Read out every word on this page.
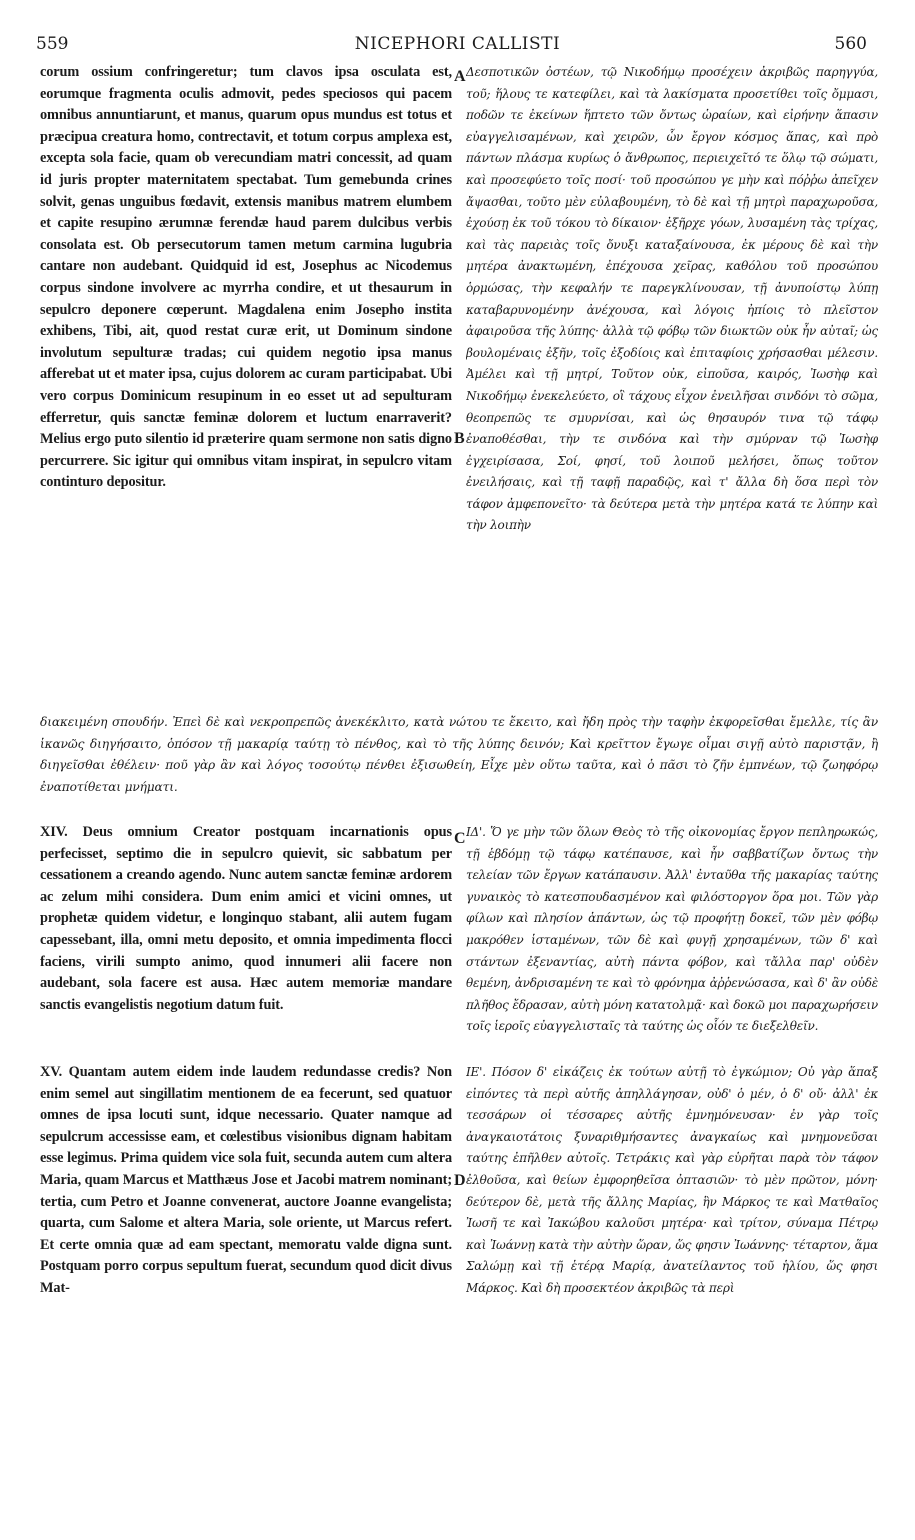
559	NICEPHORI CALLISTI	560
corum ossium confringeretur; tum clavos ipsa osculata est, eorumque fragmenta oculis admovit, pedes speciosos qui pacem omnibus annuntiarunt, et manus, quarum opus mundus est totus et præcipua creatura homo, contrectavit, et totum corpus amplexa est, excepta sola facie, quam ob verecundiam matri concessit, ad quam id juris propter maternitatem spectabat. Tum gemebunda crines solvit, genas unguibus fœdavit, extensis manibus matrem elumbem et capite resupino ærumnæ ferendæ haud parem dulcibus verbis consolata est. Ob persecutorum tamen metum carmina lugubria cantare non audebant. Quidquid id est, Josephus ac Nicodemus corpus sindone involvere ac myrrha condire, et ut thesaurum in sepulcro deponere cœperunt. Magdalena enim Josepho instita exhibens, Tibi, ait, quod restat curæ erit, ut Dominum sindone involutum sepulturæ tradas; cui quidem negotio ipsa manus afferebat ut et mater ipsa, cujus dolorem ac curam participabat. Ubi vero corpus Dominicum resupinum in eo esset ut ad sepulturam efferretur, quis sanctæ feminæ dolorem et luctum enarraverit? Melius ergo puto silentio id præterire quam sermone non satis digno percurrere. Sic igitur qui omnibus vitam inspirat, in sepulcro vitam continturo depositur.
Δεσποτικῶν ὀστέων, τῷ Νικοδήμῳ προσέχειν ἀκριβῶς παρηγγύα, τοῦ; ἥλους τε κατεφίλει, καὶ τὰ λακίσματα προσετίθει τοῖς ὄμμασι, ποδῶν τε ἐκείνων ἥπτετο τῶν ὄντως ὡραίων, καὶ εἰρήνην ἅπασιν εὐαγγελισαμένων, καὶ χειρῶν, ὧν ἔργον κόσμος ἅπας, καὶ πρὸ πάντων πλάσμα κυρίως ὁ ἄνθρωπος, περιειχεῖτό τε ὅλῳ τῷ σώματι, καὶ προσεφύετο τοῖς ποσί· τοῦ προσώπου γε μὴν καὶ πόῤῥω ἀπεῖχεν ἄψασθαι, τοῦτο μὲν εὐλαβουμένη, τὸ δὲ καὶ τῇ μητρὶ παραχωροῦσα, ἐχούσῃ ἐκ τοῦ τόκου τὸ δίκαιον· ἐξῆρχε γόων, λυσαμένη τὰς τρίχας, καὶ τὰς παρειὰς τοῖς ὄνυξι καταξαίνουσα, ἐκ μέρους δὲ καὶ τὴν μητέρα ἀνακτωμένη, ἐπέχουσα χεῖρας, καθόλου τοῦ προσώπου ὁρμώσας, τὴν κεφαλήν τε παρεγκλίνουσαν, τῇ ἀνυποίστῳ λύπῃ καταβαρυνομένην ἀνέχουσα, καὶ λόγοις ἠπίοις τὸ πλεῖστον ἀφαιροῦσα τῆς λύπης· ἀλλὰ τῷ φόβῳ τῶν διωκτῶν οὐκ ἦν αὐταῖ; ὡς βουλομέναις ἐξῆν, τοῖς ἐξοδίοις καὶ ἐπιταφίοις χρήσασθαι μέλεσιν. Ἀμέλει καὶ τῇ μητρί, Τοῦτον οὐκ, εἰποῦσα, καιρός, Ἰωσὴφ καὶ Νικοδήμῳ ἐνεκελεύετο, οἳ τάχους εἶχον ἐνειλῆσαι σινδόνι τὸ σῶμα, θεοπρεπῶς τε σμυρνίσαι, καὶ ὡς θησαυρόν τινα τῷ τάφῳ ἐναποθέσθαι, τὴν τε σινδόνα καὶ τὴν σμύρναν τῷ Ἰωσὴφ ἐγχειρίσασα, Σοί, φησί, τοῦ λοιποῦ μελήσει, ὅπως τοῦτον ἐνειλήσαις, καὶ τῇ ταφῇ παραδῷς, καὶ τ' ἄλλα δὴ ὅσα περὶ τὸν τάφον ἀμφεπονεῖτο· τὰ δεύτερα μετὰ τὴν μητέρα κατά τε λύπην καὶ τὴν λοιπὴν
διακειμένη σπουδήν. Ἐπεὶ δὲ καὶ νεκροπρεπῶς ἀνεκέκλιτο, κατὰ νώτου τε ἔκειτο, καὶ ἤδη πρὸς τὴν ταφὴν ἐκφορεῖσθαι ἔμελλε, τίς ἂν ἱκανῶς διηγήσαιτο, ὁπόσον τῇ μακαρίᾳ ταύτῃ τὸ πένθος, καὶ τὸ τῆς λύπης δεινόν; Καὶ κρεῖττον ἔγωγε οἶμαι σιγῇ αὐτὸ παριστᾷν, ἢ διηγεῖσθαι ἐθέλειν· ποῦ γὰρ ἂν καὶ λόγος τοσούτῳ πένθει ἐξισωθείη, Εἶχε μὲν οὕτω ταῦτα, καὶ ὁ πᾶσι τὸ ζῆν ἐμπνέων, τῷ ζωηφόρῳ ἐναποτίθεται μνήματι.
XIV. Deus omnium Creator postquam incarnationis opus perfecisset, septimo die in sepulcro quievit, sic sabbatum per cessationem a creando agendo. Nunc autem sanctæ feminæ ardorem ac zelum mihi considera. Dum enim amici et vicini omnes, ut prophetæ quidem videtur, e longinquo stabant, alii autem fugam capessebant, illa, omni metu deposito, et omnia impedimenta flocci faciens, virili sumpto animo, quod innumeri alii facere non audebant, sola facere est ausa. Hæc autem memoriæ mandare sanctis evangelistis negotium datum fuit.
ΙΔ'. Ὅ γε μὴν τῶν ὅλων Θεὸς τὸ τῆς οἰκονομίας ἔργον πεπληρωκώς, τῇ ἑβδόμῃ τῷ τάφῳ κατέπαυσε, καὶ ἦν σαββατίζων ὄντως τὴν τελείαν τῶν ἔργων κατάπαυσιν. Ἀλλ' ἐνταῦθα τῆς μακαρίας ταύτης γυναικὸς τὸ κατεσπουδασμένον καὶ φιλόστοργον ὅρα μοι. Τῶν γὰρ φίλων καὶ πλησίον ἁπάντων, ὡς τῷ προφήτῃ δοκεῖ, τῶν μὲν φόβῳ μακρόθεν ἱσταμένων, τῶν δὲ καὶ φυγῇ χρησαμένων, τῶν δ' καὶ στάντων ἐξεναντίας, αὐτὴ πάντα φόβον, καὶ τἄλλα παρ' οὐδὲν θεμένη, ἀνδρισαμένη τε καὶ τὸ φρόνημα ἀῤῥενώσασα, καὶ δ' ἂν οὐδὲ πλῆθος ἔδρασαν, αὐτὴ μόνη κατατολμᾷ· καὶ δοκῶ μοι παραχωρήσειν τοῖς ἱεροῖς εὐαγγελισταῖς τὰ ταύτης ὡς οἷόν τε διεξελθεῖν.
XV. Quantam autem eidem inde laudem redundasse credis? Non enim semel aut singillatim mentionem de ea fecerunt, sed quatuor omnes de ipsa locuti sunt, idque necessario. Quater namque ad sepulcrum accessisse eam, et cœlestibus visionibus dignam habitam esse legimus. Prima quidem vice sola fuit, secunda autem cum altera Maria, quam Marcus et Matthæus Jose et Jacobi matrem nominant; tertia, cum Petro et Joanne convenerat, auctore Joanne evangelista; quarta, cum Salome et altera Maria, sole oriente, ut Marcus refert. Et certe omnia quæ ad eam spectant, memoratu valde digna sunt. Postquam porro corpus sepultum fuerat, secundum quod dicit divus Mat-
ΙΕ'. Πόσον δ' εἰκάζεις ἐκ τούτων αὐτῇ τὸ ἐγκώμιον; Οὐ γὰρ ἅπαξ εἰπόντες τὰ περὶ αὐτῆς ἀπηλλάγησαν, οὐδ' ὁ μέν, ὁ δ' οὔ· ἀλλ' ἐκ τεσσάρων οἱ τέσσαρες αὐτῆς ἐμνημόνευσαν· ἐν γὰρ τοῖς ἀναγκαιοτάτοις ξυναριθμήσαντες ἀναγκαίως καὶ μνημονεῦσαι ταύτης ἐπῆλθεν αὐτοῖς. Τετράκις καὶ γὰρ εὑρῆται παρὰ τὸν τάφον ἐλθοῦσα, καὶ θείων ἐμφορηθεῖσα ὀπτασιῶν· τὸ μὲν πρῶτον, μόνη· δεύτερον δὲ, μετὰ τῆς ἄλλης Μαρίας, ἣν Μάρκος τε καὶ Ματθαῖος Ἰωσῆ τε καὶ Ἰακώβου καλοῦσι μητέρα· καὶ τρίτον, σύναμα Πέτρῳ καὶ Ἰωάννῃ κατὰ τὴν αὐτὴν ὥραν, ὥς φησιν Ἰωάννης· τέταρτον, ἅμα Σαλώμῃ καὶ τῇ ἑτέρᾳ Μαρίᾳ, ἀνατείλαντος τοῦ ἡλίου, ὥς φησι Μάρκος. Καὶ δὴ προσεκτέον ἀκριβῶς τὰ περὶ
A
B
C
D
